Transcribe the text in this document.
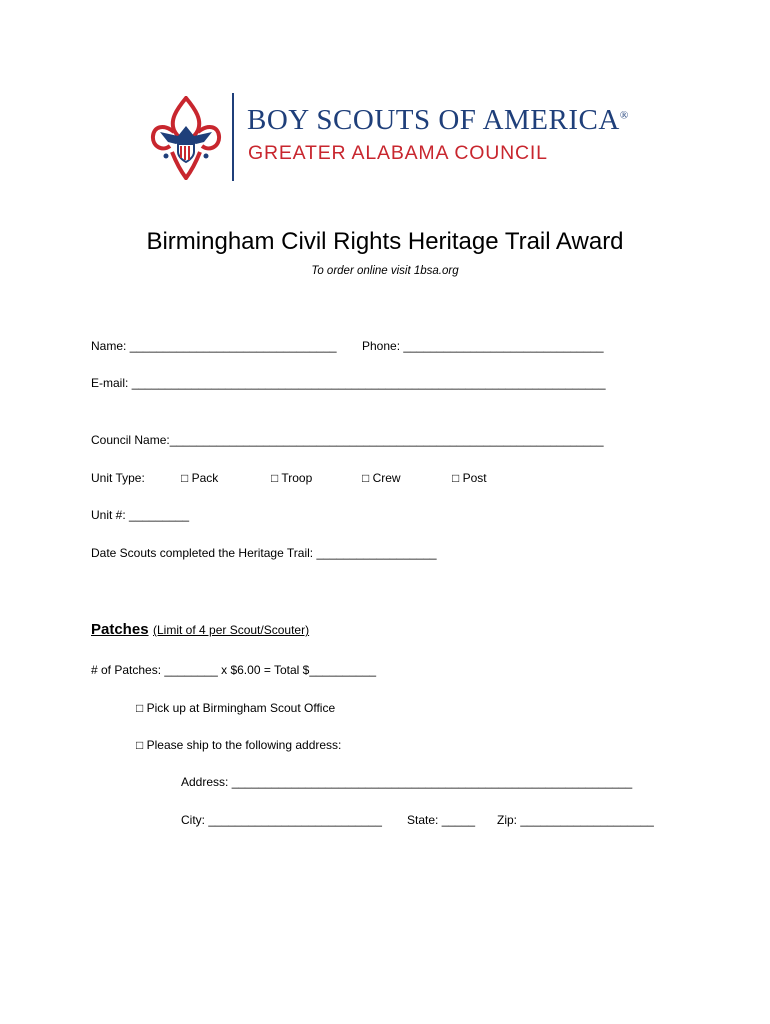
BOY SCOUTS OF AMERICA®
GREATER ALABAMA COUNCIL
Birmingham Civil Rights Heritage Trail Award
To order online visit 1bsa.org
Name: _______________________________ Phone: ______________________________
E-mail: _______________________________________________________________________
Council Name:_________________________________________________________________
Unit Type:	□ Pack	□ Troop	□ Crew	□ Post
Unit #: _________
Date Scouts completed the Heritage Trail: __________________
Patches (Limit of 4 per Scout/Scouter)
# of Patches: ________ x $6.00 = Total $__________
□ Pick up at Birmingham Scout Office
□ Please ship to the following address:
Address: ____________________________________________________________
City: __________________________ State: _____ Zip: ____________________
